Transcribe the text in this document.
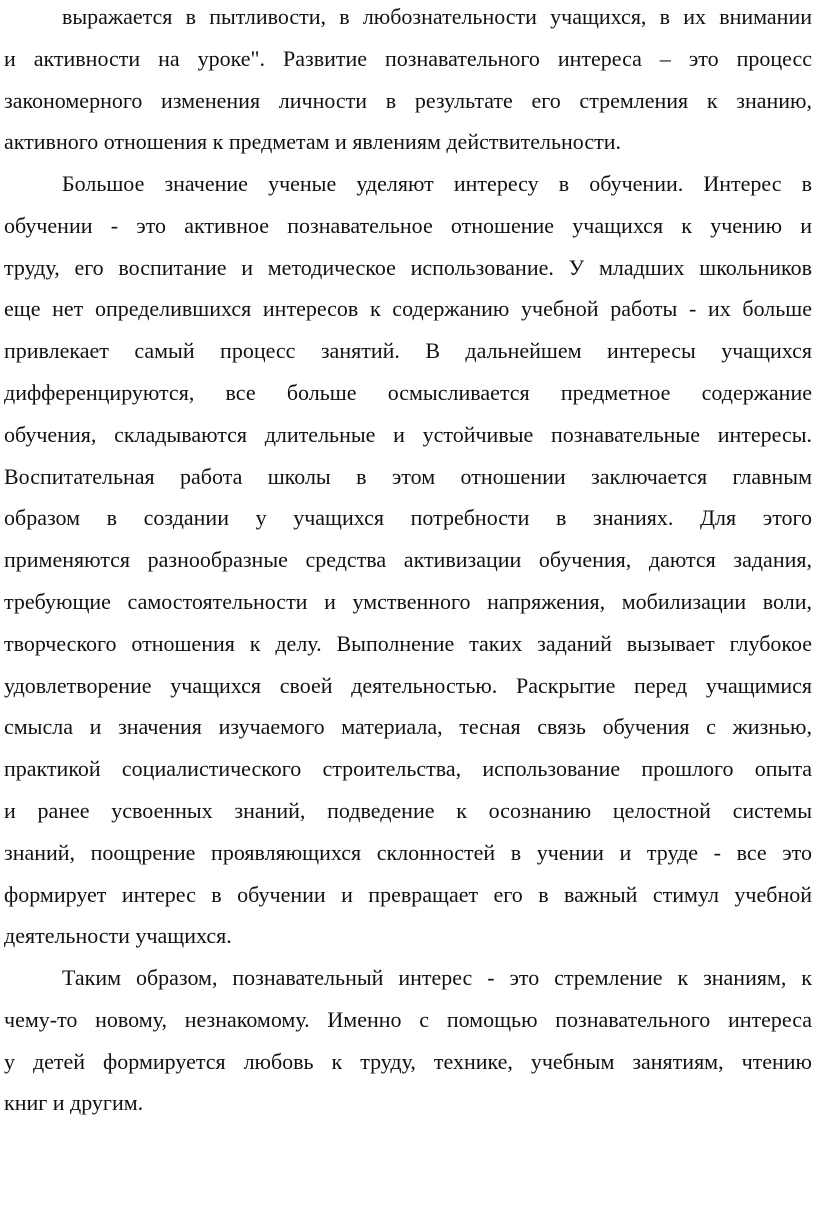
выражается в пытливости, в любознательности учащихся, в их внимании
и активности на уроке". Развитие познавательного интереса – это процесс
закономерного изменения личности в результате его стремления к знанию,
активного отношения к предметам и явлениям действительности.
Большое значение ученые уделяют интересу в обучении. Интерес в
обучении - это активное познавательное отношение учащихся к учению и
труду, его воспитание и методическое использование. У младших школьников
еще нет определившихся интересов к содержанию учебной работы - их больше
привлекает самый процесс занятий. В дальнейшем интересы учащихся
дифференцируются, все больше осмысливается предметное содержание
обучения, складываются длительные и устойчивые познавательные интересы.
Воспитательная работа школы в этом отношении заключается главным
образом в создании у учащихся потребности в знаниях. Для этого
применяются разнообразные средства активизации обучения, даются задания,
требующие самостоятельности и умственного напряжения, мобилизации воли,
творческого отношения к делу. Выполнение таких заданий вызывает глубокое
удовлетворение учащихся своей деятельностью. Раскрытие перед учащимися
смысла и значения изучаемого материала, тесная связь обучения с жизнью,
практикой социалистического строительства, использование прошлого опыта
и ранее усвоенных знаний, подведение к осознанию целостной системы
знаний, поощрение проявляющихся склонностей в учении и труде - все это
формирует интерес в обучении и превращает его в важный стимул учебной
деятельности учащихся.
Таким образом, познавательный интерес - это стремление к знаниям, к
чему-то новому, незнакомому. Именно с помощью познавательного интереса
у детей формируется любовь к труду, технике, учебным занятиям, чтению
книг и другим.
